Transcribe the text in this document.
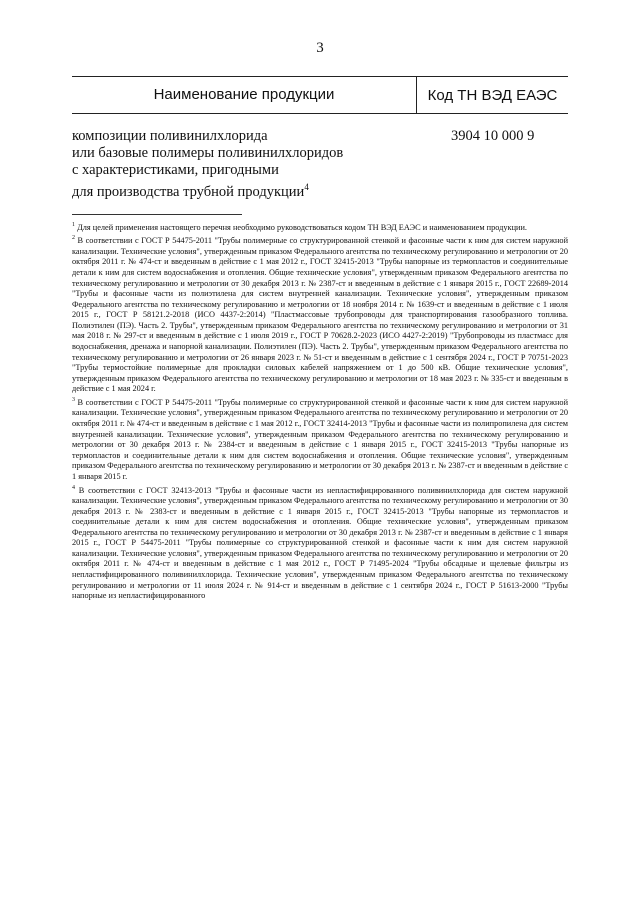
3
Наименование продукции	Код ТН ВЭД ЕАЭС
композиции поливинилхлорида
или базовые полимеры поливинилхлоридов
с характеристиками, пригодными
для производства трубной продукции$^4$
3904 10 000 9

$^1$ Для целей применения настоящего перечня необходимо руководствоваться кодом ТН ВЭД ЕАЭС и наименованием продукции.

$^2$ В соответствии с ГОСТ Р 54475-2011 "Трубы полимерные со структурированной стенкой и фасонные части к ним для систем наружной канализации. Технические условия", утвержденным приказом Федерального агентства по техническому регулированию и метрологии от 20 октября 2011 г. № 474-ст и введенным в действие с 1 мая 2012 г., ГОСТ 32415-2013 "Трубы напорные из термопластов и соединительные детали к ним для систем водоснабжения и отопления. Общие технические условия", утвержденным приказом Федерального агентства по техническому регулированию и метрологии от 30 декабря 2013 г. № 2387-ст и введенным в действие с 1 января 2015 г., ГОСТ 22689-2014 "Трубы и фасонные части из полиэтилена для систем внутренней канализации. Технические условия", утвержденным приказом Федерального агентства по техническому регулированию и метрологии от 18 ноября 2014 г. № 1639-ст и введенным в действие с 1 июля 2015 г., ГОСТ Р 58121.2-2018 (ИСО 4437-2:2014) "Пластмассовые трубопроводы для транспортирования газообразного топлива. Полиэтилен (ПЭ). Часть 2. Трубы", утвержденным приказом Федерального агентства по техническому регулированию и метрологии от 31 мая 2018 г. № 297-ст и введенным в действие с 1 июля 2019 г., ГОСТ Р 70628.2-2023 (ИСО 4427-2:2019) "Трубопроводы из пластмасс для водоснабжения, дренажа и напорной канализации. Полиэтилен (ПЭ). Часть 2. Трубы", утвержденным приказом Федерального агентства по техническому регулированию и метрологии от 26 января 2023 г. № 51-ст и введенным в действие с 1 сентября 2024 г., ГОСТ Р 70751-2023 "Трубы термостойкие полимерные для прокладки силовых кабелей напряжением от 1 до 500 кВ. Общие технические условия", утвержденным приказом Федерального агентства по техническому регулированию и метрологии от 18 мая 2023 г. № 335-ст и введенным в действие с 1 мая 2024 г.

$^3$ В соответствии с ГОСТ Р 54475-2011 "Трубы полимерные со структурированной стенкой и фасонные части к ним для систем наружной канализации. Технические условия", утвержденным приказом Федерального агентства по техническому регулированию и метрологии от 20 октября 2011 г. № 474-ст и введенным в действие с 1 мая 2012 г., ГОСТ 32414-2013 "Трубы и фасонные части из полипропилена для систем внутренней канализации. Технические условия", утвержденным приказом Федерального агентства по техническому регулированию и метрологии от 30 декабря 2013 г. № 2384-ст и введенным в действие с 1 января 2015 г., ГОСТ 32415-2013 "Трубы напорные из термопластов и соединительные детали к ним для систем водоснабжения и отопления. Общие технические условия", утвержденным приказом Федерального агентства по техническому регулированию и метрологии от 30 декабря 2013 г. № 2387-ст и введенным в действие с 1 января 2015 г.

$^4$ В соответствии с ГОСТ 32413-2013 "Трубы и фасонные части из непластифицированного поливинилхлорида для систем наружной канализации. Технические условия", утвержденным приказом Федерального агентства по техническому регулированию и метрологии от 30 декабря 2013 г. № 2383-ст и введенным в действие с 1 января 2015 г., ГОСТ 32415-2013 "Трубы напорные из термопластов и соединительные детали к ним для систем водоснабжения и отопления. Общие технические условия", утвержденным приказом Федерального агентства по техническому регулированию и метрологии от 30 декабря 2013 г. № 2387-ст и введенным в действие с 1 января 2015 г., ГОСТ Р 54475-2011 "Трубы полимерные со структурированной стенкой и фасонные части к ним для систем наружной канализации. Технические условия", утвержденным приказом Федерального агентства по техническому регулированию и метрологии от 20 октября 2011 г. № 474-ст и введенным в действие с 1 мая 2012 г., ГОСТ Р 71495-2024 "Трубы обсадные и щелевые фильтры из непластифицированного поливинилхлорида. Технические условия", утвержденным приказом Федерального агентства по техническому регулированию и метрологии от 11 июля 2024 г. № 914-ст и введенным в действие с 1 сентября 2024 г., ГОСТ Р 51613-2000 "Трубы напорные из непластифицированного
